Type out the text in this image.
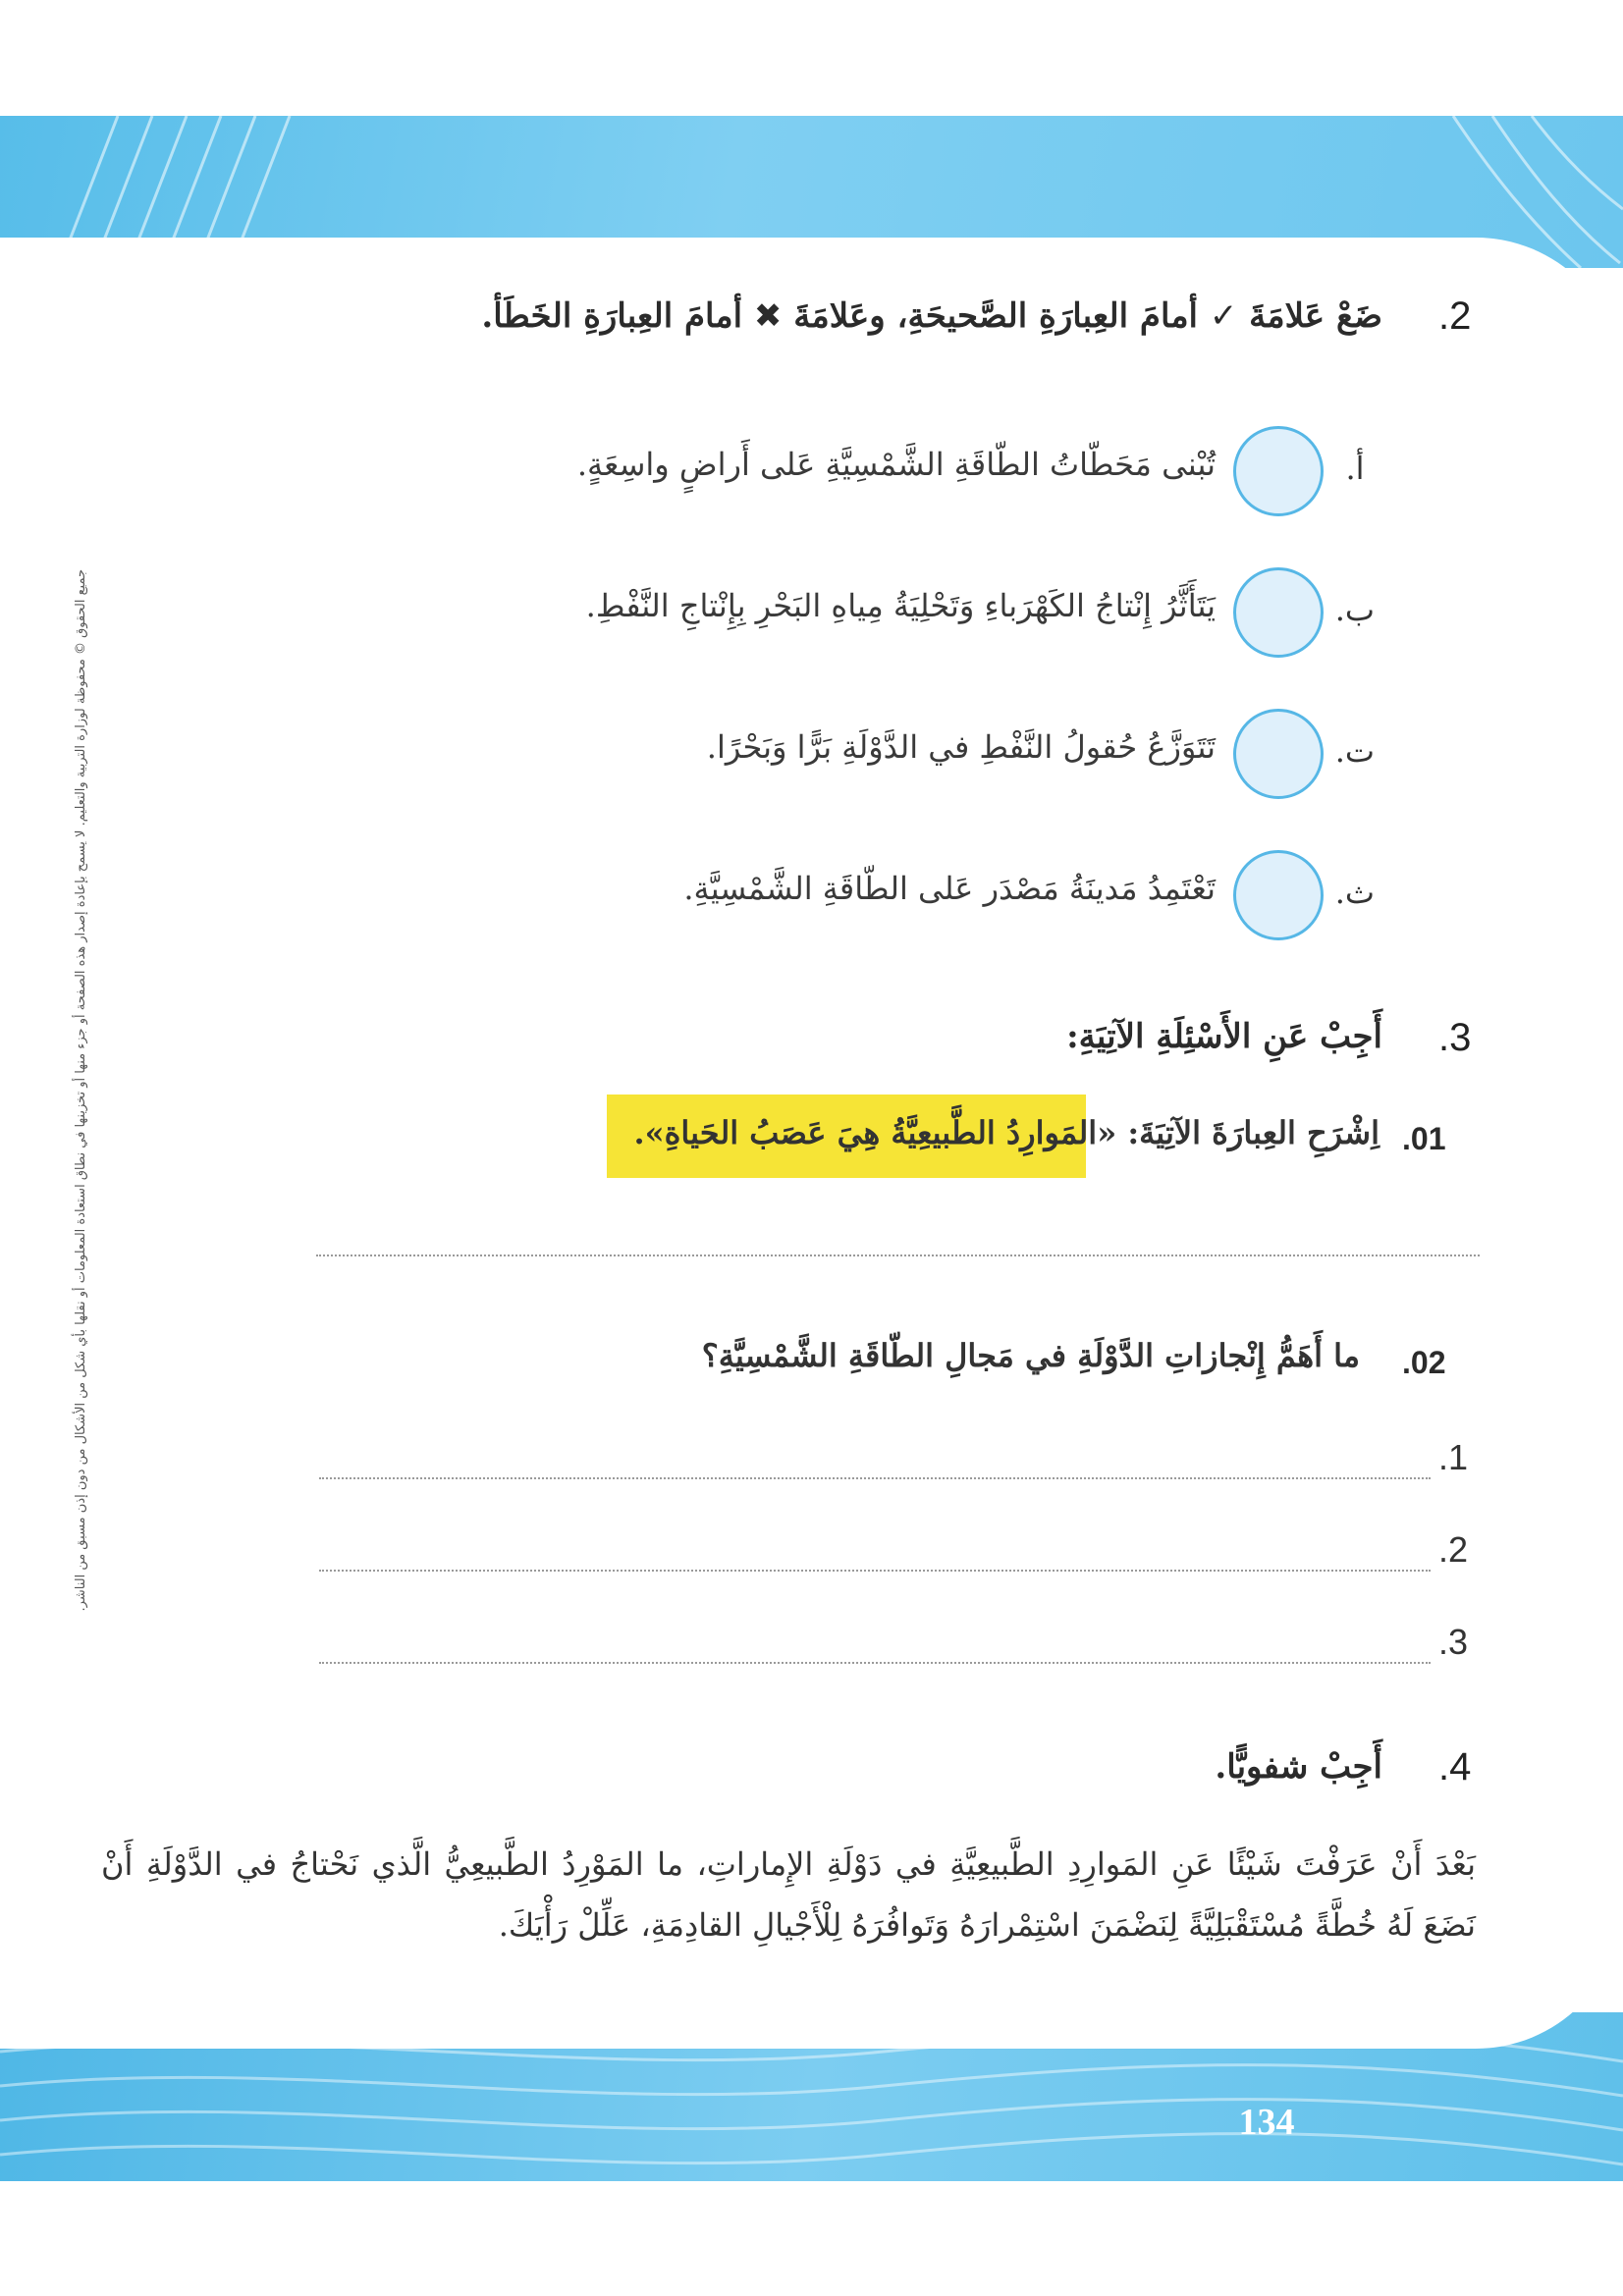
جميع الحقوق © محفوظة لوزارة التربية والتعليم. لا يسمح بإعادة إصدار هذه الصفحة أو جزء منها أو تخزينها في نطاق استعادة المعلومات أو نقلها بأي شكل من الأشكال من دون إذن مسبق من الناشر.
.2
ضَعْ عَلامَةَ ✓ أمامَ العِبارَةِ الصَّحيحَةِ، وعَلامَةَ ✖ أمامَ العِبارَةِ الخَطَأ.
أ.
تُبْنى مَحَطّاتُ الطّاقَةِ الشَّمْسِيَّةِ عَلى أَراضٍ واسِعَةٍ.
ب.
يَتَأَثَّرُ إِنْتاجُ الكَهْرَباءِ وَتَحْلِيَةُ مِياهِ البَحْرِ بِإِنْتاجِ النَّفْطِ.
ت.
تَتَوَزَّعُ حُقولُ النَّفْطِ في الدَّوْلَةِ بَرًّا وَبَحْرًا.
ث.
تَعْتَمِدُ مَدينَةُ مَصْدَر عَلى الطّاقَةِ الشَّمْسِيَّةِ.
.3
أَجِبْ عَنِ الأَسْئِلَةِ الآتِيَةِ:
.01
اِشْرَحِ العِبارَةَ الآتِيَةَ: «المَوارِدُ الطَّبيعِيَّةُ هِيَ عَصَبُ الحَياةِ».
.02
ما أَهَمُّ إِنْجازاتِ الدَّوْلَةِ في مَجالِ الطّاقَةِ الشَّمْسِيَّةِ؟
.1
.2
.3
.4
أَجِبْ شفويًّا.
بَعْدَ أَنْ عَرَفْتَ شَيْئًا عَنِ المَوارِدِ الطَّبيعِيَّةِ في دَوْلَةِ الإِماراتِ، ما المَوْرِدُ الطَّبيعِيُّ الَّذي نَحْتاجُ في الدَّوْلَةِ أَنْ نَضَعَ لَهُ خُطَّةً مُسْتَقْبَلِيَّةً لِنَضْمَنَ اسْتِمْرارَهُ وَتَوافُرَهُ لِلْأَجْيالِ القادِمَةِ، عَلِّلْ رَأْيَكَ.
134
